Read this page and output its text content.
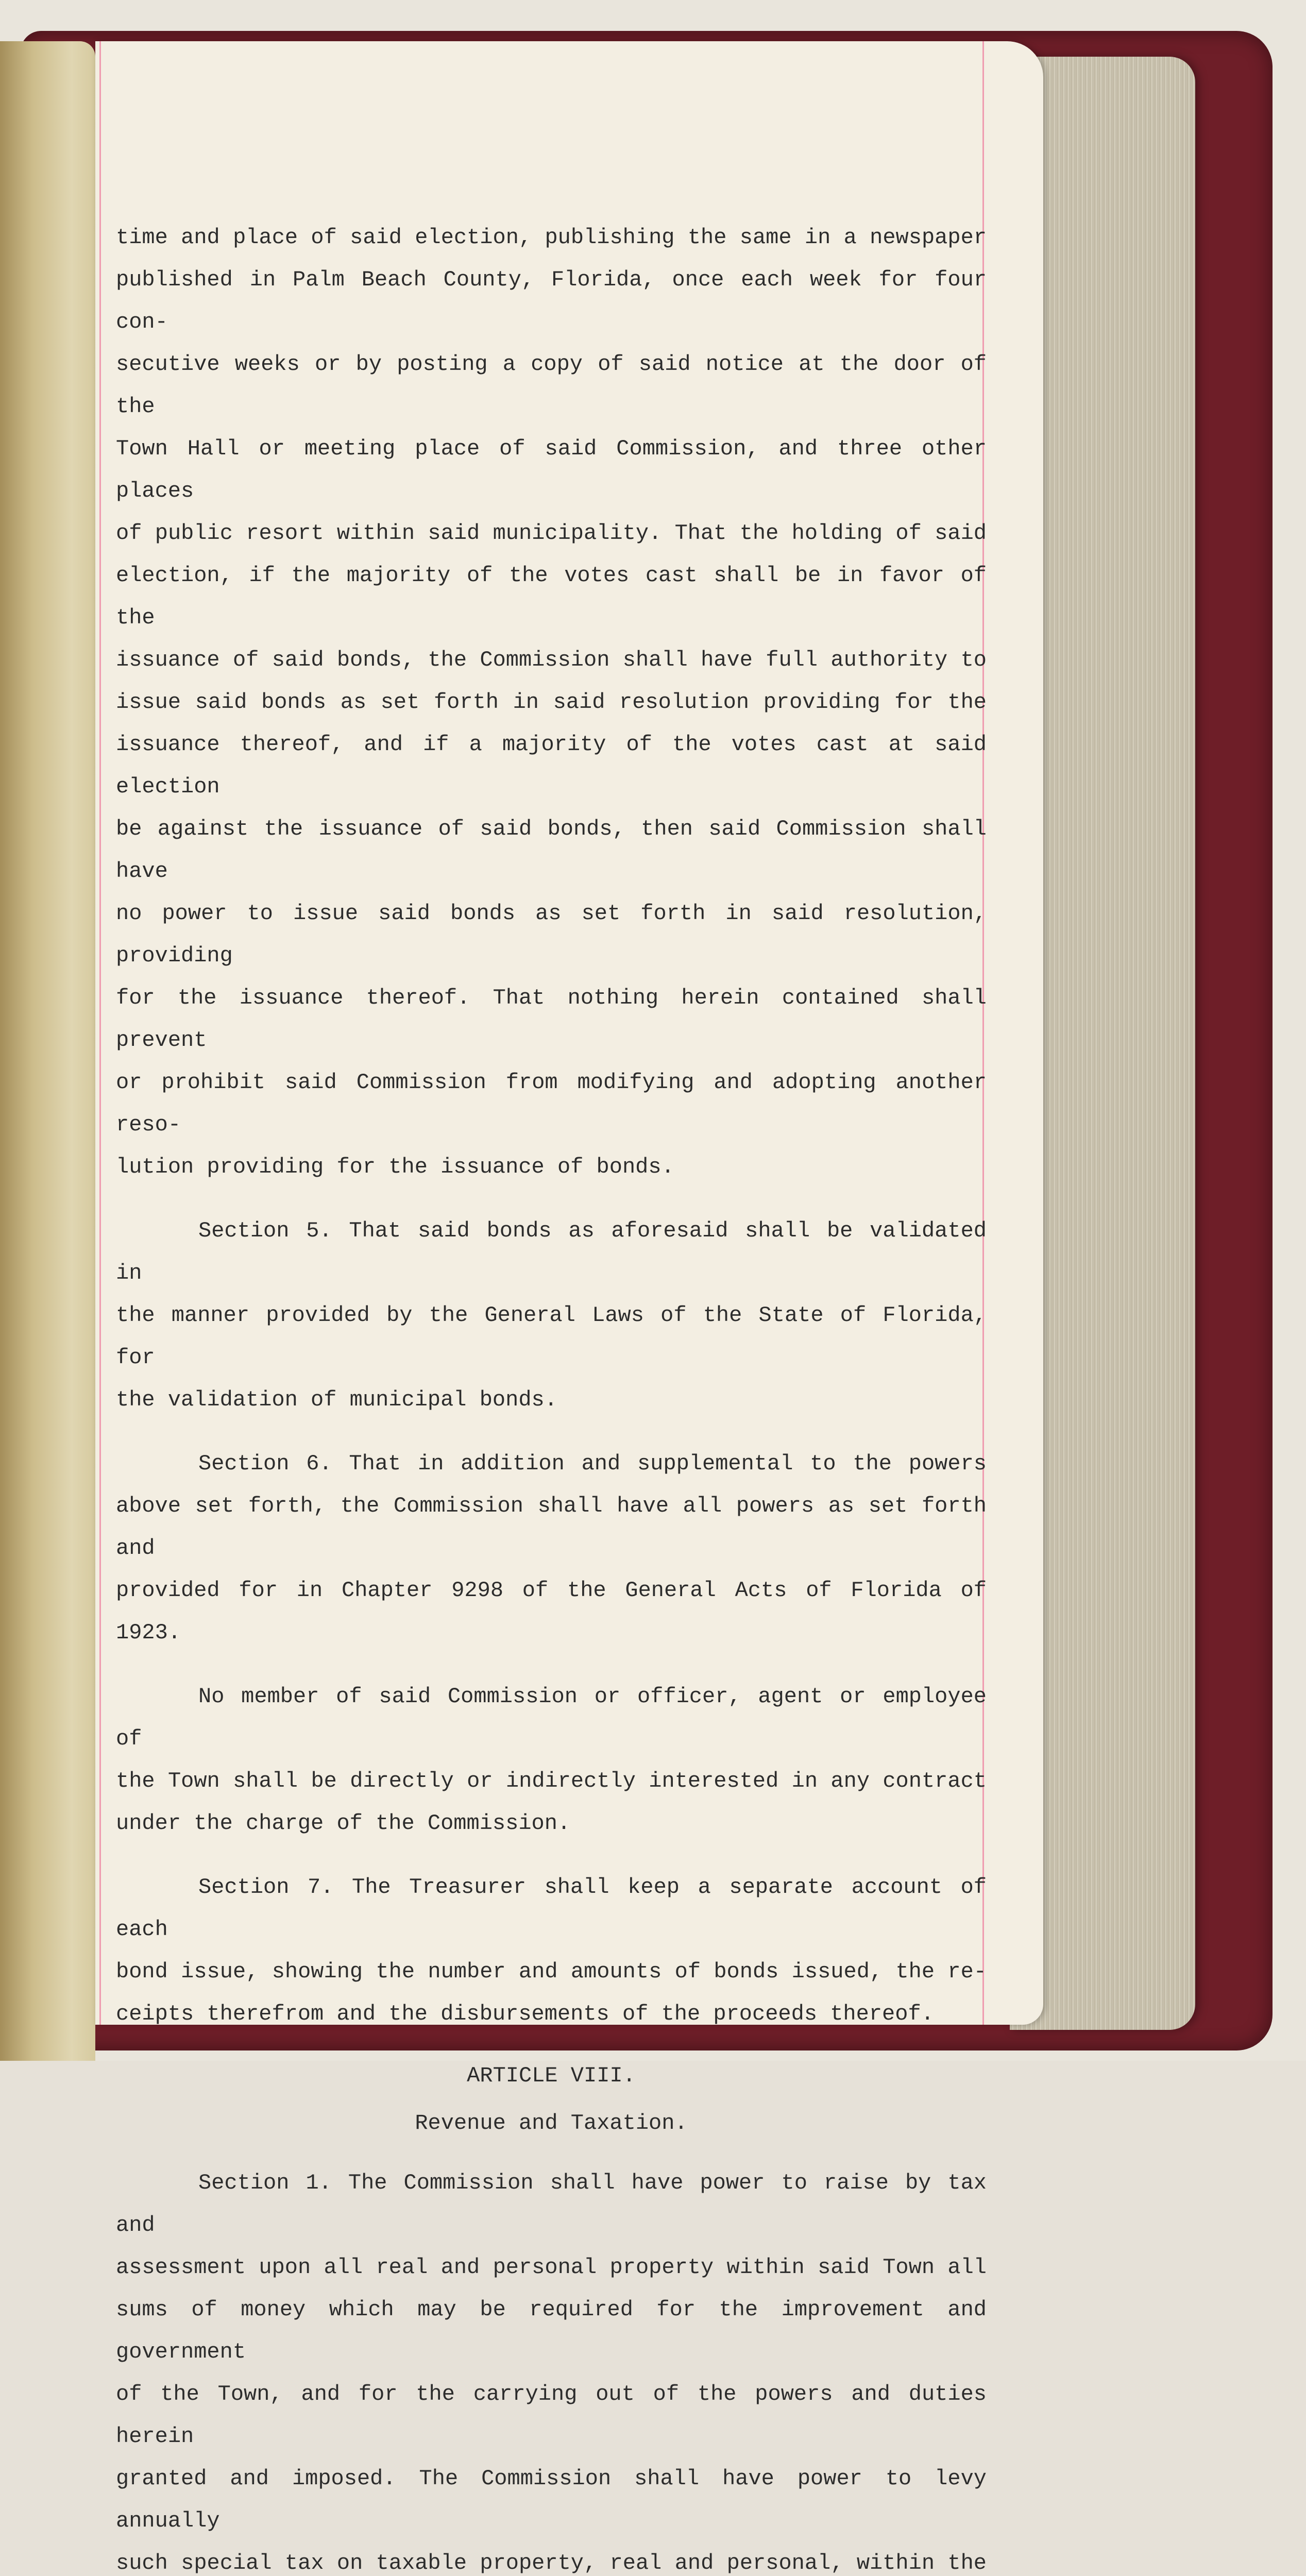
time and place of said election, publishing the same in a newspaper
published in Palm Beach County, Florida, once each week for four con-
secutive weeks or by posting a copy of said notice at the door of the
Town Hall or meeting place of said Commission, and three other places
of public resort within said municipality. That the holding of said
election, if the majority of the votes cast shall be in favor of the
issuance of said bonds, the Commission shall have full authority to
issue said bonds as set forth in said resolution providing for the
issuance thereof, and if a majority of the votes cast at said election
be against the issuance of said bonds, then said Commission shall have
no power to issue said bonds as set forth in said resolution, providing
for the issuance thereof. That nothing herein contained shall prevent
or prohibit said Commission from modifying and adopting another reso-
lution providing for the issuance of bonds.
Section 5. That said bonds as aforesaid shall be validated in
the manner provided by the General Laws of the State of Florida, for
the validation of municipal bonds.
Section 6. That in addition and supplemental to the powers
above set forth, the Commission shall have all powers as set forth and
provided for in Chapter 9298 of the General Acts of Florida of 1923.
No member of said Commission or officer, agent or employee of
the Town shall be directly or indirectly interested in any contract
under the charge of the Commission.
Section 7. The Treasurer shall keep a separate account of each
bond issue, showing the number and amounts of bonds issued, the re-
ceipts therefrom and the disbursements of the proceeds thereof.
ARTICLE VIII.
Revenue and Taxation.
Section 1. The Commission shall have power to raise by tax and
assessment upon all real and personal property within said Town all
sums of money which may be required for the improvement and government
of the Town, and for the carrying out of the powers and duties herein
granted and imposed. The Commission shall have power to levy annually
such special tax on taxable property, real and personal, within the
